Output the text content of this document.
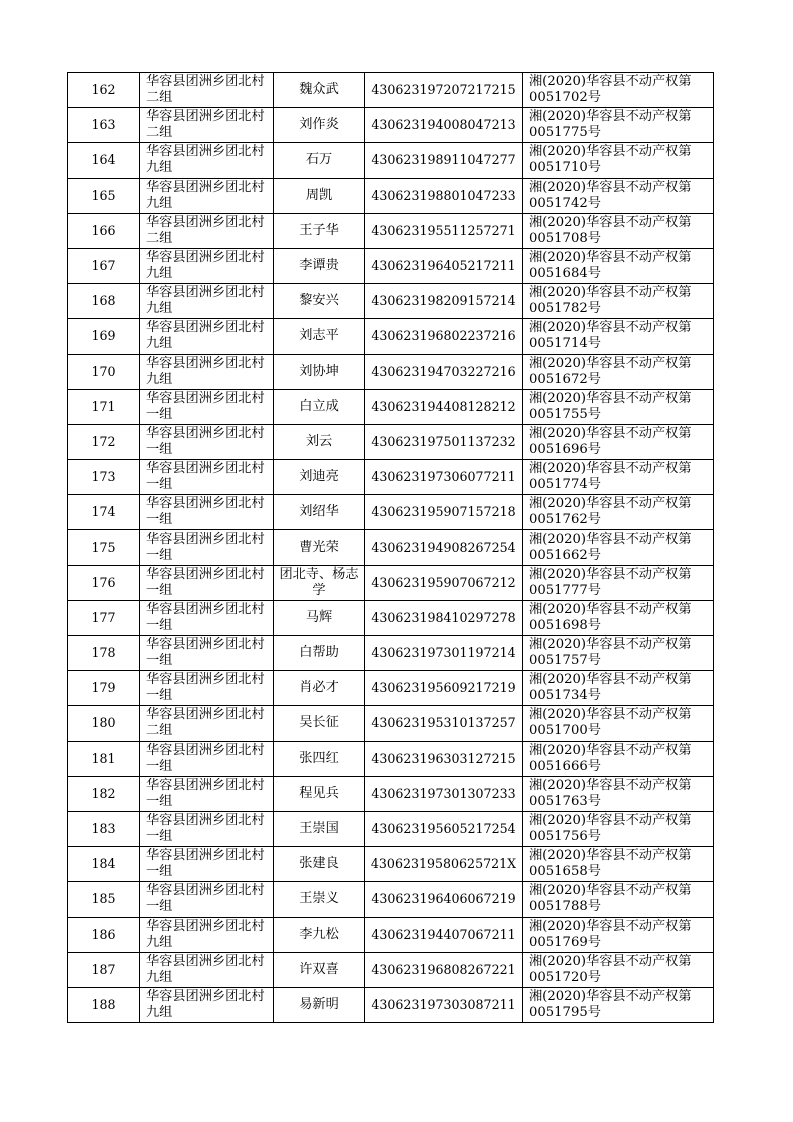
162	华容县团洲乡团北村二组	魏众武	430623197207217215	湘(2020)华容县不动产权第0051702号
163	华容县团洲乡团北村二组	刘作炎	430623194008047213	湘(2020)华容县不动产权第0051775号
164	华容县团洲乡团北村九组	石万	430623198911047277	湘(2020)华容县不动产权第0051710号
165	华容县团洲乡团北村九组	周凯	430623198801047233	湘(2020)华容县不动产权第0051742号
166	华容县团洲乡团北村二组	王子华	430623195511257271	湘(2020)华容县不动产权第0051708号
167	华容县团洲乡团北村九组	李谭贵	430623196405217211	湘(2020)华容县不动产权第0051684号
168	华容县团洲乡团北村九组	黎安兴	430623198209157214	湘(2020)华容县不动产权第0051782号
169	华容县团洲乡团北村九组	刘志平	430623196802237216	湘(2020)华容县不动产权第0051714号
170	华容县团洲乡团北村九组	刘协坤	430623194703227216	湘(2020)华容县不动产权第0051672号
171	华容县团洲乡团北村一组	白立成	430623194408128212	湘(2020)华容县不动产权第0051755号
172	华容县团洲乡团北村一组	刘云	430623197501137232	湘(2020)华容县不动产权第0051696号
173	华容县团洲乡团北村一组	刘迪亮	430623197306077211	湘(2020)华容县不动产权第0051774号
174	华容县团洲乡团北村一组	刘绍华	430623195907157218	湘(2020)华容县不动产权第0051762号
175	华容县团洲乡团北村一组	曹光荣	430623194908267254	湘(2020)华容县不动产权第0051662号
176	华容县团洲乡团北村一组	团北寺、杨志学	430623195907067212	湘(2020)华容县不动产权第0051777号
177	华容县团洲乡团北村一组	马辉	430623198410297278	湘(2020)华容县不动产权第0051698号
178	华容县团洲乡团北村一组	白帮助	430623197301197214	湘(2020)华容县不动产权第0051757号
179	华容县团洲乡团北村一组	肖必才	430623195609217219	湘(2020)华容县不动产权第0051734号
180	华容县团洲乡团北村二组	吴长征	430623195310137257	湘(2020)华容县不动产权第0051700号
181	华容县团洲乡团北村一组	张四红	430623196303127215	湘(2020)华容县不动产权第0051666号
182	华容县团洲乡团北村一组	程见兵	430623197301307233	湘(2020)华容县不动产权第0051763号
183	华容县团洲乡团北村一组	王崇国	430623195605217254	湘(2020)华容县不动产权第0051756号
184	华容县团洲乡团北村一组	张建良	43062319580625721X	湘(2020)华容县不动产权第0051658号
185	华容县团洲乡团北村一组	王崇义	430623196406067219	湘(2020)华容县不动产权第0051788号
186	华容县团洲乡团北村九组	李九松	430623194407067211	湘(2020)华容县不动产权第0051769号
187	华容县团洲乡团北村九组	许双喜	430623196808267221	湘(2020)华容县不动产权第0051720号
188	华容县团洲乡团北村九组	易新明	430623197303087211	湘(2020)华容县不动产权第0051795号
